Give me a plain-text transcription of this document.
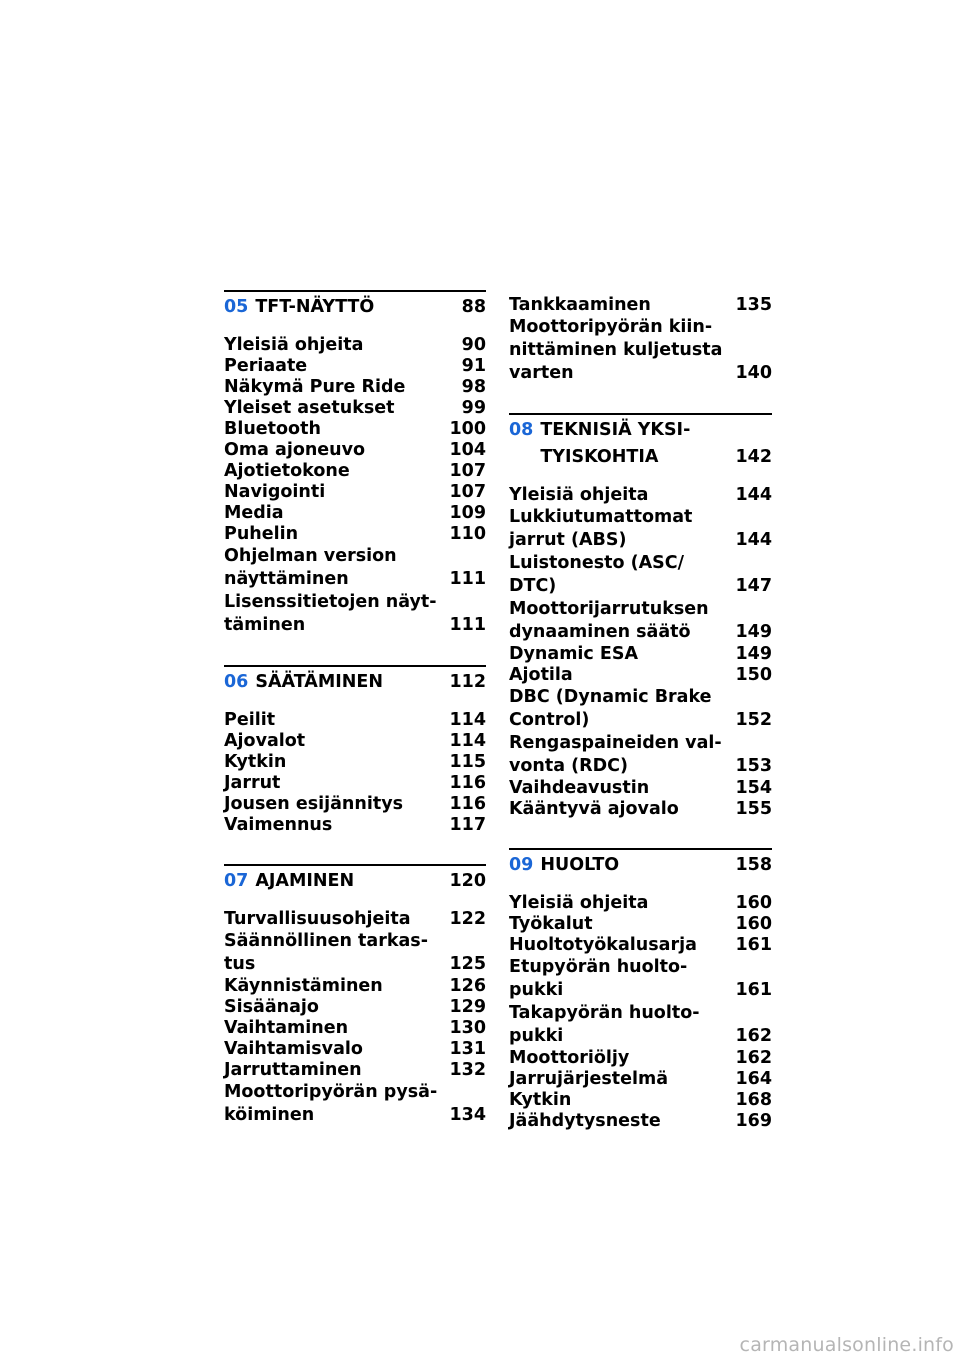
05 TFT-NÄYTTÖ	88
Yleisiä ohjeita	90
Periaate	91
Näkymä Pure Ride	98
Yleiset asetukset	99
Bluetooth	100
Oma ajoneuvo	104
Ajotietokone	107
Navigointi	107
Media	109
Puhelin	110
Ohjelman version
näyttäminen	111
Lisenssitietojen näyt-
täminen	111
06 SÄÄTÄMINEN	112
Peilit	114
Ajovalot	114
Kytkin	115
Jarrut	116
Jousen esijännitys	116
Vaimennus	117
07 AJAMINEN	120
Turvallisuusohjeita	122
Säännöllinen tarkas-
tus	125
Käynnistäminen	126
Sisäänajo	129
Vaihtaminen	130
Vaihtamisvalo	131
Jarruttaminen	132
Moottoripyörän pysä-
köiminen	134
Tankkaaminen	135
Moottoripyörän kiin-
nittäminen kuljetusta
varten	140
08 TEKNISIÄ YKSI-
TYISKOHTIA	142
Yleisiä ohjeita	144
Lukkiutumattomat
jarrut (ABS)	144
Luistonesto (ASC/
DTC)	147
Moottorijarrutuksen
dynaaminen säätö	149
Dynamic ESA	149
Ajotila	150
DBC (Dynamic Brake
Control)	152
Rengaspaineiden val-
vonta (RDC)	153
Vaihdeavustin	154
Kääntyvä ajovalo	155
09 HUOLTO	158
Yleisiä ohjeita	160
Työkalut	160
Huoltotyökalusarja	161
Etupyörän huolto-
pukki	161
Takapyörän huolto-
pukki	162
Moottoriöljy	162
Jarrujärjestelmä	164
Kytkin	168
Jäähdytysneste	169
carmanualsonline.info
